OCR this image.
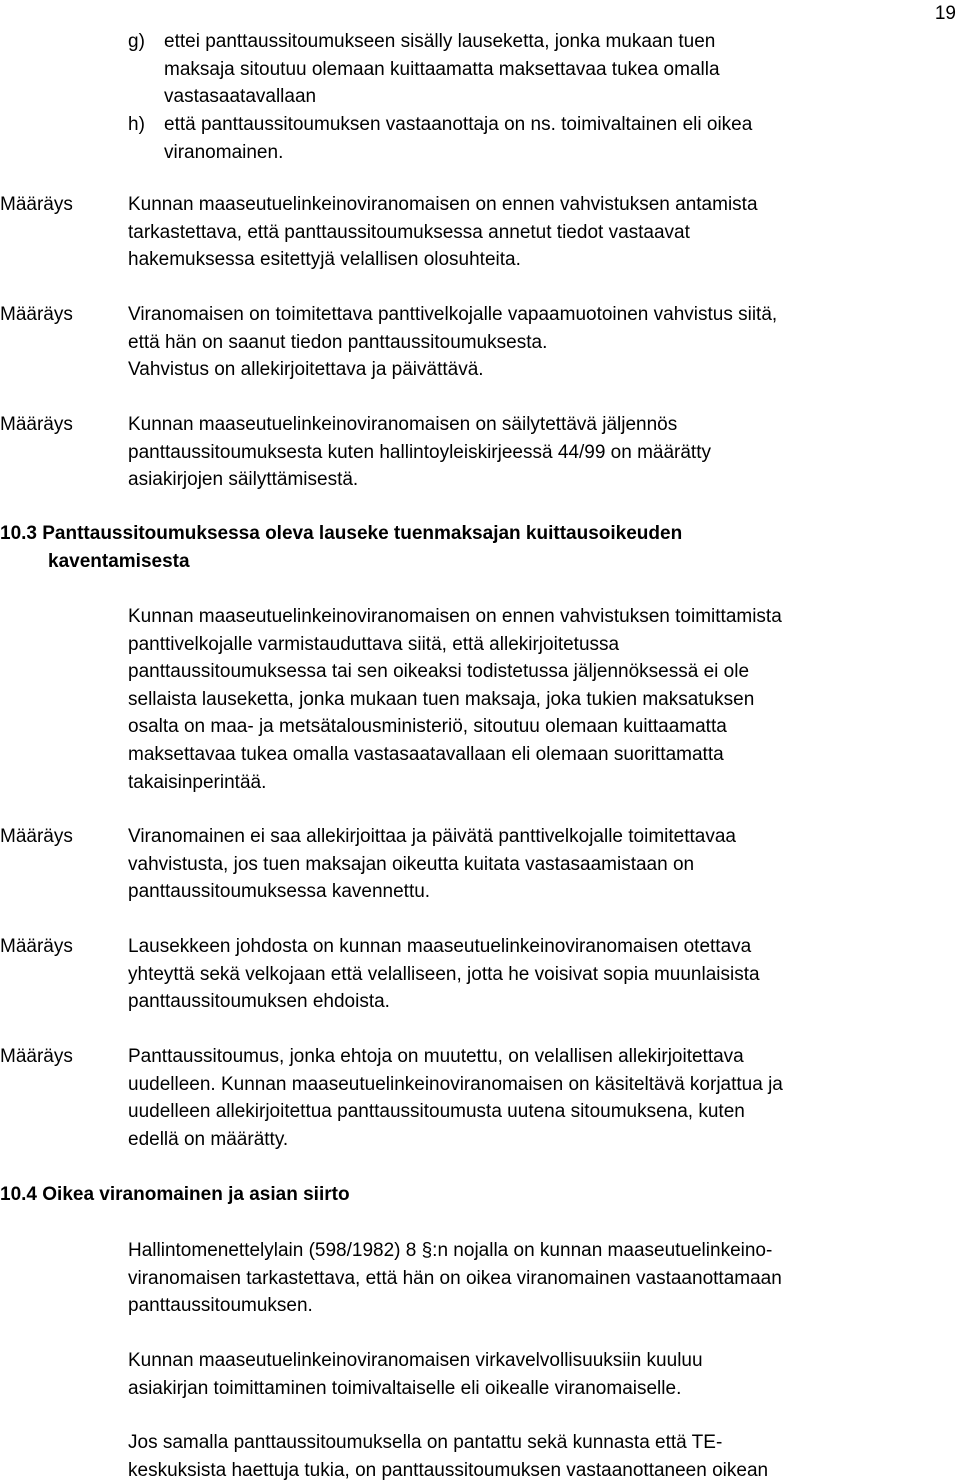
19
g) ettei panttaussitoumukseen sisälly lauseketta, jonka mukaan tuen

maksaja sitoutuu olemaan kuittaamatta maksettavaa tukea omalla

vastasaatavallaan

h) että panttaussitoumuksen vastaanottaja on ns. toimivaltainen eli oikea

viranomainen.

Määräys	Kunnan maaseutuelinkeinoviranomaisen on ennen vahvistuksen antamista

tarkastettava, että panttaussitoumuksessa annetut tiedot vastaavat

hakemuksessa esitettyjä velallisen olosuhteita.

Määräys	Viranomaisen on toimitettava panttivelkojalle vapaamuotoinen vahvistus siitä,

että hän on saanut tiedon panttaussitoumuksesta.

Vahvistus on allekirjoitettava ja päivättävä.

Määräys	Kunnan maaseutuelinkeinoviranomaisen on säilytettävä jäljennös

panttaussitoumuksesta kuten hallintoyleiskirjeessä 44/99 on määrätty

asiakirjojen säilyttämisestä.

10.3 Panttaussitoumuksessa oleva lauseke tuenmaksajan kuittausoikeuden

kaventamisesta

Kunnan maaseutuelinkeinoviranomaisen on ennen vahvistuksen toimittamista

panttivelkojalle varmistauduttava siitä, että allekirjoitetussa

panttaussitoumuksessa tai sen oikeaksi todistetussa jäljennöksessä ei ole

sellaista lauseketta, jonka mukaan tuen maksaja, joka tukien maksatuksen

osalta on maa- ja metsätalousministeriö, sitoutuu olemaan kuittaamatta

maksettavaa tukea omalla vastasaatavallaan eli olemaan suorittamatta

takaisinperintää.

Määräys	Viranomainen ei saa allekirjoittaa ja päivätä panttivelkojalle toimitettavaa

vahvistusta, jos tuen maksajan oikeutta kuitata vastasaamistaan on

panttaussitoumuksessa kavennettu.

Määräys	Lausekkeen johdosta on kunnan maaseutuelinkeinoviranomaisen otettava

yhteyttä sekä velkojaan että velalliseen, jotta he voisivat sopia muunlaisista

panttaussitoumuksen ehdoista.

Määräys	Panttaussitoumus, jonka ehtoja on muutettu, on velallisen allekirjoitettava

uudelleen. Kunnan maaseutuelinkeinoviranomaisen on käsiteltävä korjattua ja

uudelleen allekirjoitettua panttaussitoumusta uutena sitoumuksena, kuten

edellä on määrätty.

10.4 Oikea viranomainen ja asian siirto

Hallintomenettelylain (598/1982) 8 §:n nojalla on kunnan maaseutuelinkeino-

viranomaisen tarkastettava, että hän on oikea viranomainen vastaanottamaan

panttaussitoumuksen.

Kunnan maaseutuelinkeinoviranomaisen virkavelvollisuuksiin kuuluu

asiakirjan toimittaminen toimivaltaiselle eli oikealle viranomaiselle.

Jos samalla panttaussitoumuksella on pantattu sekä kunnasta että TE-

keskuksista haettuja tukia, on panttaussitoumuksen vastaanottaneen oikean
